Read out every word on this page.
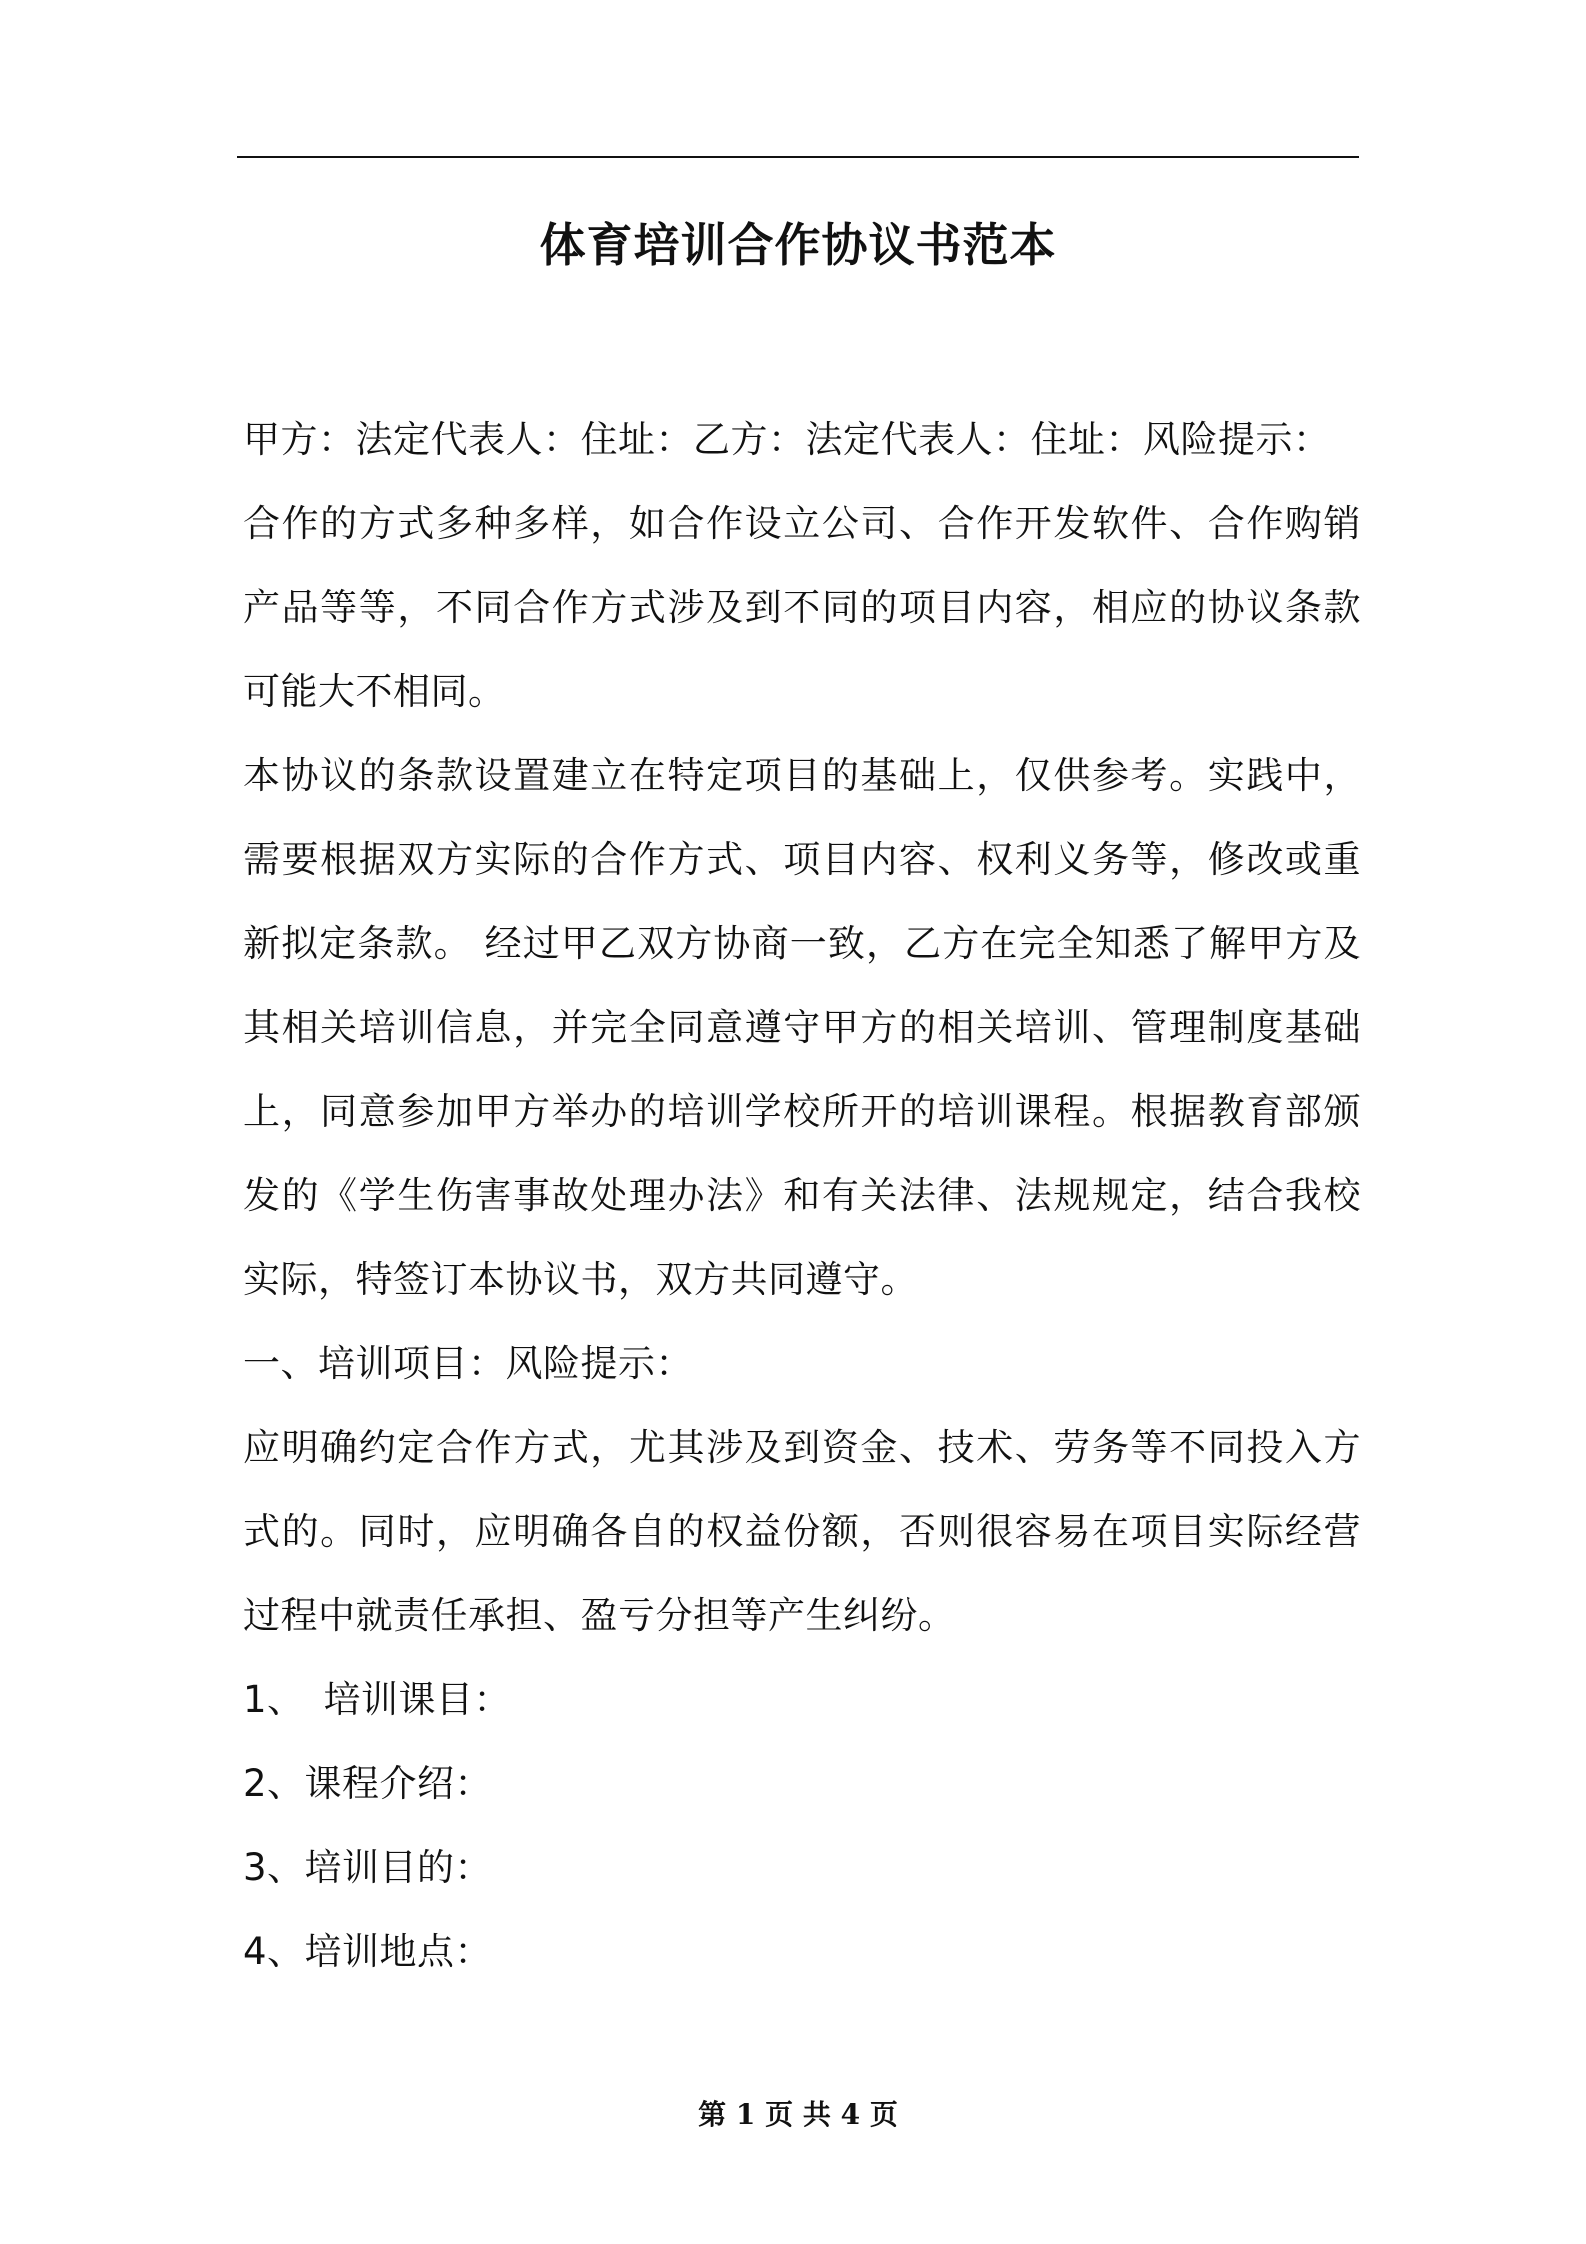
体育培训合作协议书范本

甲方：法定代表人：住址：乙方：法定代表人：住址：风险提示：

合作的方式多种多样，如合作设立公司、合作开发软件、合作购销产品等等，不同合作方式涉及到不同的项目内容，相应的协议条款可能大不相同。

本协议的条款设置建立在特定项目的基础上，仅供参考。实践中，需要根据双方实际的合作方式、项目内容、权利义务等，修改或重新拟定条款。 经过甲乙双方协商一致，乙方在完全知悉了解甲方及其相关培训信息，并完全同意遵守甲方的相关培训、管理制度基础上，同意参加甲方举办的培训学校所开的培训课程。根据教育部颁发的《学生伤害事故处理办法》和有关法律、法规规定，结合我校实际，特签订本协议书，双方共同遵守。

一、培训项目：风险提示：

应明确约定合作方式，尤其涉及到资金、技术、劳务等不同投入方式的。同时，应明确各自的权益份额，否则很容易在项目实际经营过程中就责任承担、盈亏分担等产生纠纷。

1、　培训课目：

2、课程介绍：

3、培训目的：

4、培训地点：

第 1 页 共 4 页
